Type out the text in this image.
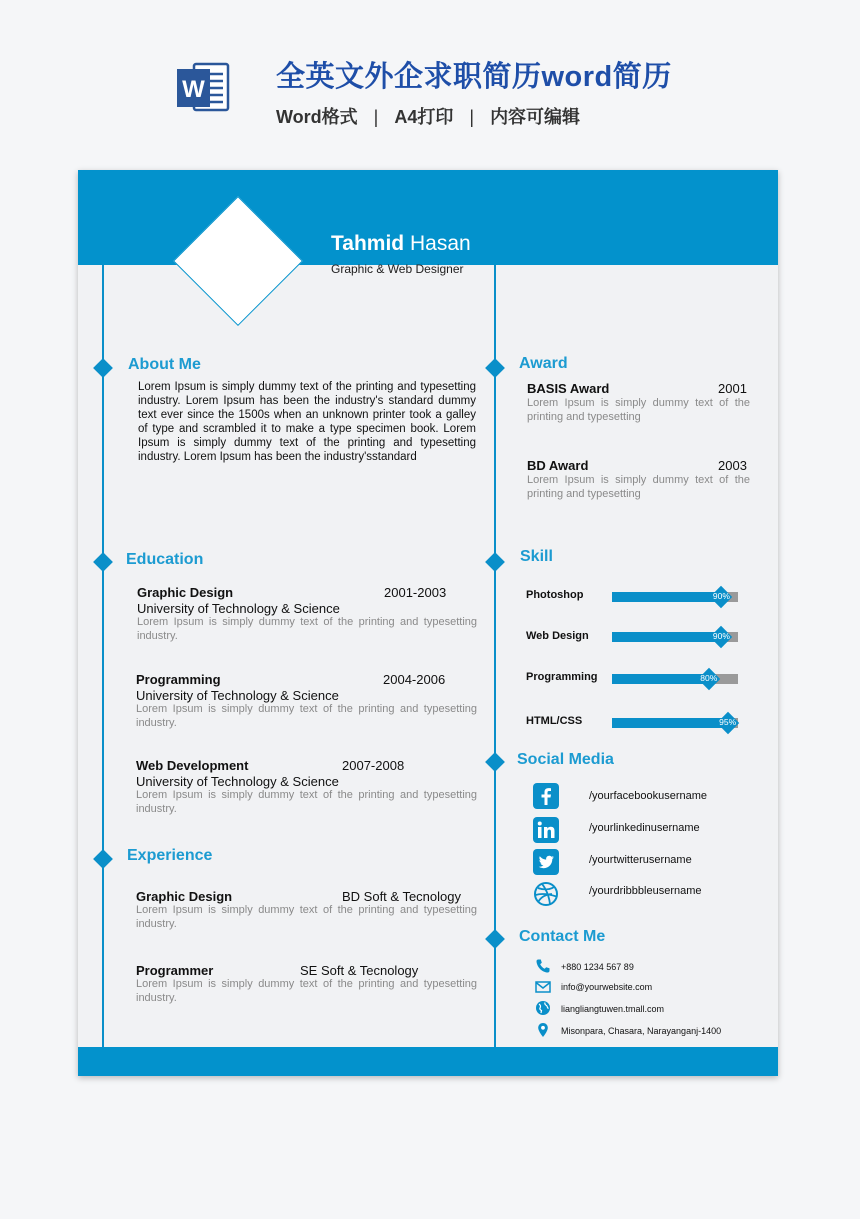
W 全英文外企求职简历word简历
Word格式 | A4打印 | 内容可编辑
Tahmid Hasan
Graphic & Web Designer
About Me
Lorem Ipsum is simply dummy text of the printing and typesetting industry. Lorem Ipsum has been the industry's standard dummy text ever since the 1500s when an unknown printer took a galley of type and scrambled it to make a type specimen book. Lorem Ipsum is simply dummy text of the printing and typesetting industry. Lorem Ipsum has been the industry'sstandard
Education
Graphic Design	2001-2003
University of Technology & Science
Lorem Ipsum is simply dummy text of the printing and typesetting industry.
Programming	2004-2006
University of Technology & Science
Lorem Ipsum is simply dummy text of the printing and typesetting industry.
Web Development	2007-2008
University of Technology & Science
Lorem Ipsum is simply dummy text of the printing and typesetting industry.
Experience
Graphic Design	BD Soft & Tecnology
Lorem Ipsum is simply dummy text of the printing and typesetting industry.
Programmer	SE Soft & Tecnology
Lorem Ipsum is simply dummy text of the printing and typesetting industry.
Award
BASIS Award	2001
Lorem Ipsum is simply dummy text of the printing and typesetting
BD Award	2003
Lorem Ipsum is simply dummy text of the printing and typesetting
Skill
Photoshop	90%
Web Design	90%
Programming	80%
HTML/CSS	95%
Social Media
/yourfacebookusername
/yourlinkedinusername
/yourtwitterusername
/yourdribbbleusername
Contact Me
+880 1234 567 89
info@yourwebsite.com
liangliangtuwen.tmall.com
Misonpara, Chasara, Narayanganj-1400
